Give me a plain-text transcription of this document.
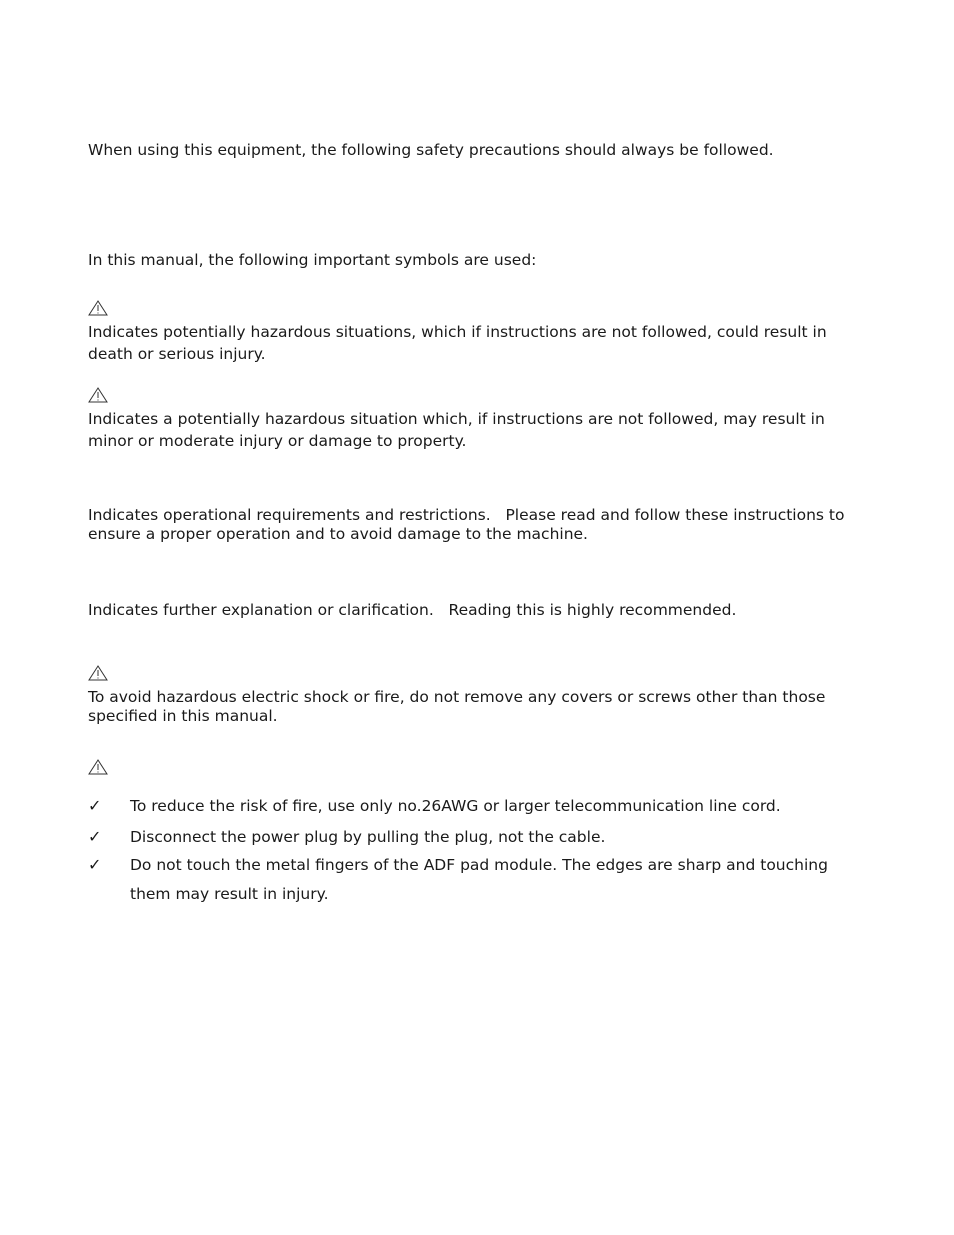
When using this equipment, the following safety precautions should always be followed.
In this manual, the following important symbols are used:
Indicates potentially hazardous situations, which if instructions are not followed, could result in death or serious injury.
Indicates a potentially hazardous situation which, if instructions are not followed, may result in minor or moderate injury or damage to property.
Indicates operational requirements and restrictions.   Please read and follow these instructions to ensure a proper operation and to avoid damage to the machine.
Indicates further explanation or clarification.   Reading this is highly recommended.
To avoid hazardous electric shock or fire, do not remove any covers or screws other than those specified in this manual.
✓	To reduce the risk of fire, use only no.26AWG or larger telecommunication line cord.
✓	Disconnect the power plug by pulling the plug, not the cable.
✓	Do not touch the metal fingers of the ADF pad module. The edges are sharp and touching them may result in injury.
